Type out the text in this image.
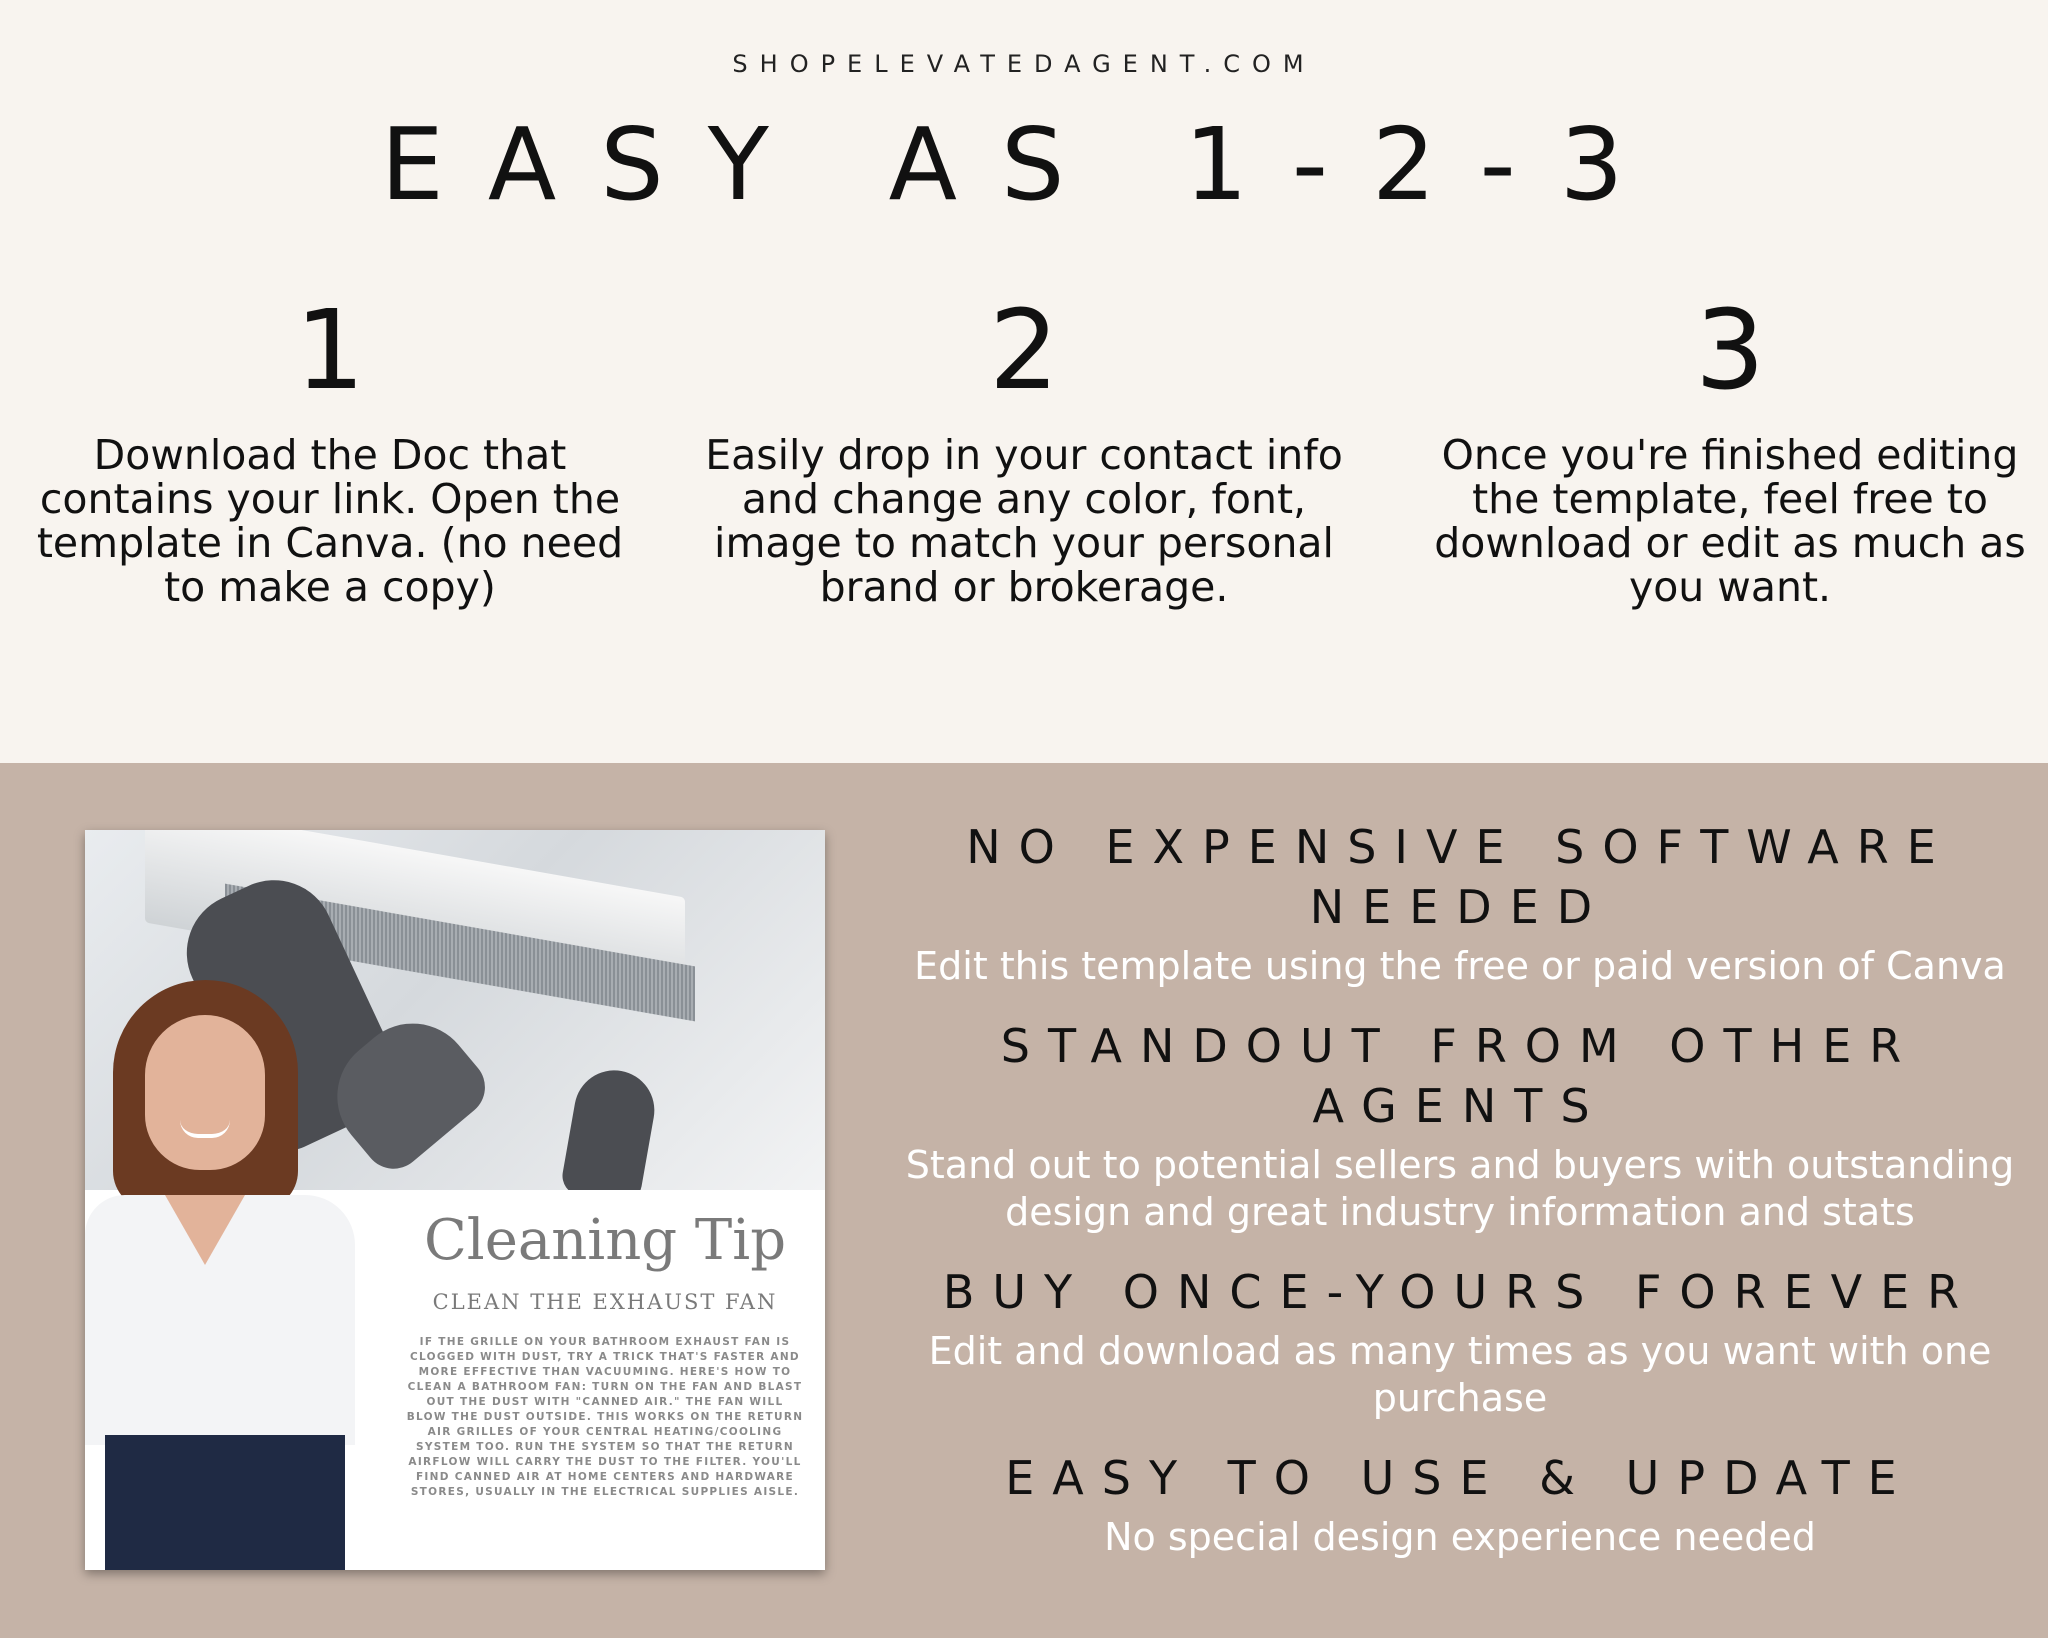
SHOPELEVATEDAGENT.COM
EASY AS 1-2-3
1
Download the Doc that contains your link. Open the template in Canva. (no need to make a copy)
2
Easily drop in your contact info and change any color, font, image to match your personal brand or brokerage.
3
Once you're finished editing the template, feel free to download or edit as much as you want.
Cleaning Tip
CLEAN THE EXHAUST FAN
IF THE GRILLE ON YOUR BATHROOM EXHAUST FAN IS CLOGGED WITH DUST, TRY A TRICK THAT'S FASTER AND MORE EFFECTIVE THAN VACUUMING. HERE'S HOW TO CLEAN A BATHROOM FAN: TURN ON THE FAN AND BLAST OUT THE DUST WITH "CANNED AIR." THE FAN WILL BLOW THE DUST OUTSIDE. THIS WORKS ON THE RETURN AIR GRILLES OF YOUR CENTRAL HEATING/COOLING SYSTEM TOO. RUN THE SYSTEM SO THAT THE RETURN AIRFLOW WILL CARRY THE DUST TO THE FILTER. YOU'LL FIND CANNED AIR AT HOME CENTERS AND HARDWARE STORES, USUALLY IN THE ELECTRICAL SUPPLIES AISLE.
NO EXPENSIVE SOFTWARE NEEDED
Edit this template using the free or paid version of Canva
STANDOUT FROM OTHER AGENTS
Stand out to potential sellers and buyers with outstanding design and great industry information and stats
BUY ONCE-YOURS FOREVER
Edit and download as many times as you want with one purchase
EASY TO USE & UPDATE
No special design experience needed
